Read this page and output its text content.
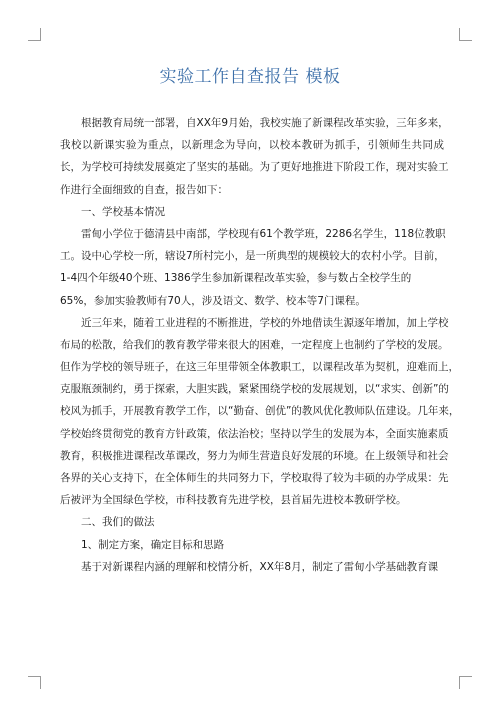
实验工作自查报告 模板
根据教育局统一部署，自XX年9月始，我校实施了新课程改革实验，三年多来，
我校以新课实验为重点，以新理念为导向，以校本教研为抓手，引领师生共同成
长，为学校可持续发展奠定了坚实的基础。为了更好地推进下阶段工作，现对实验工
作进行全面细致的自查，报告如下：
一、学校基本情况
雷甸小学位于德清县中南部，学校现有61个教学班，2286名学生，118位教职
工。设中心学校一所，辖设7所村完小，是一所典型的规模较大的农村小学。目前，
1-4四个年级40个班、1386学生参加新课程改革实验，参与数占全校学生的
65%，参加实验教师有70人，涉及语文、数学、校本等7门课程。
近三年来，随着工业进程的不断推进，学校的外地借读生源逐年增加，加上学校
布局的松散，给我们的教育教学带来很大的困难，一定程度上也制约了学校的发展。
但作为学校的领导班子，在这三年里带领全体教职工，以课程改革为契机，迎难而上，
克服瓶颈制约，勇于探索，大胆实践，紧紧围绕学校的发展规划，以“求实、创新”的
校风为抓手，开展教育教学工作，以“勤奋、创优”的教风优化教师队伍建设。几年来，
学校始终贯彻党的教育方针政策，依法治校；坚持以学生的发展为本，全面实施素质
教育，积极推进课程改革课改，努力为师生营造良好发展的环境。在上级领导和社会
各界的关心支持下，在全体师生的共同努力下，学校取得了较为丰硕的办学成果：先
后被评为全国绿色学校，市科技教育先进学校，县首届先进校本教研学校。
二、我们的做法
1、制定方案，确定目标和思路
基于对新课程内涵的理解和校情分析，XX年8月，制定了雷甸小学基础教育课
